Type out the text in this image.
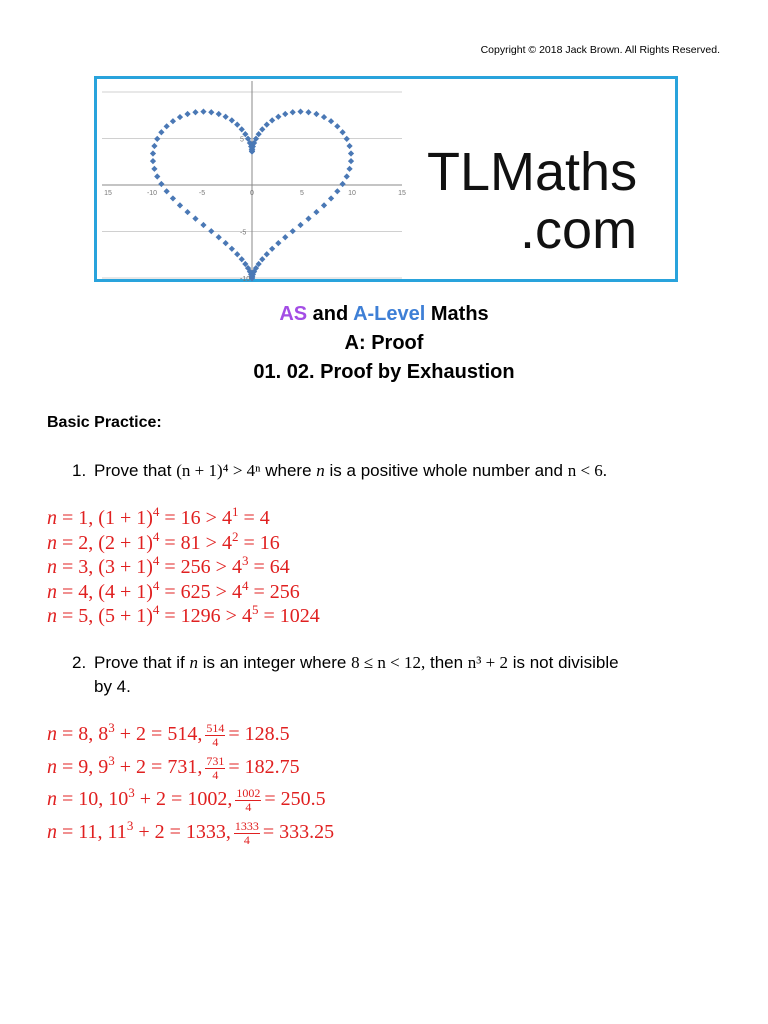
Copyright © 2018 Jack Brown. All Rights Reserved.
15	-10	-5	0	5	10	15
5
-5
-10
TLMaths
.com
AS and A-Level Maths
A: Proof
01. 02. Proof by Exhaustion
Basic Practice:
1. Prove that (n + 1)⁴ > 4ⁿ where n is a positive whole number and n < 6.
n = 1, $(1 + 1)^4 = 16 > 4^1 = 4$
n = 2, $(2 + 1)^4 = 81 > 4^2 = 16$
n = 3, $(3 + 1)^4 = 256 > 4^3 = 64$
n = 4, $(4 + 1)^4 = 625 > 4^4 = 256$
n = 5, $(5 + 1)^4 = 1296 > 4^5 = 1024$
2. Prove that if n is an integer where 8 ≤ n < 12, then n³ + 2 is not divisible
by 4.
n = 8, $8^3 + 2 = 514$, $\frac{514}{4} = 128.5$
n = 9, $9^3 + 2 = 731$, $\frac{731}{4} = 182.75$
n = 10, $10^3 + 2 = 1002$, $\frac{1002}{4} = 250.5$
n = 11, $11^3 + 2 = 1333$, $\frac{1333}{4} = 333.25$
